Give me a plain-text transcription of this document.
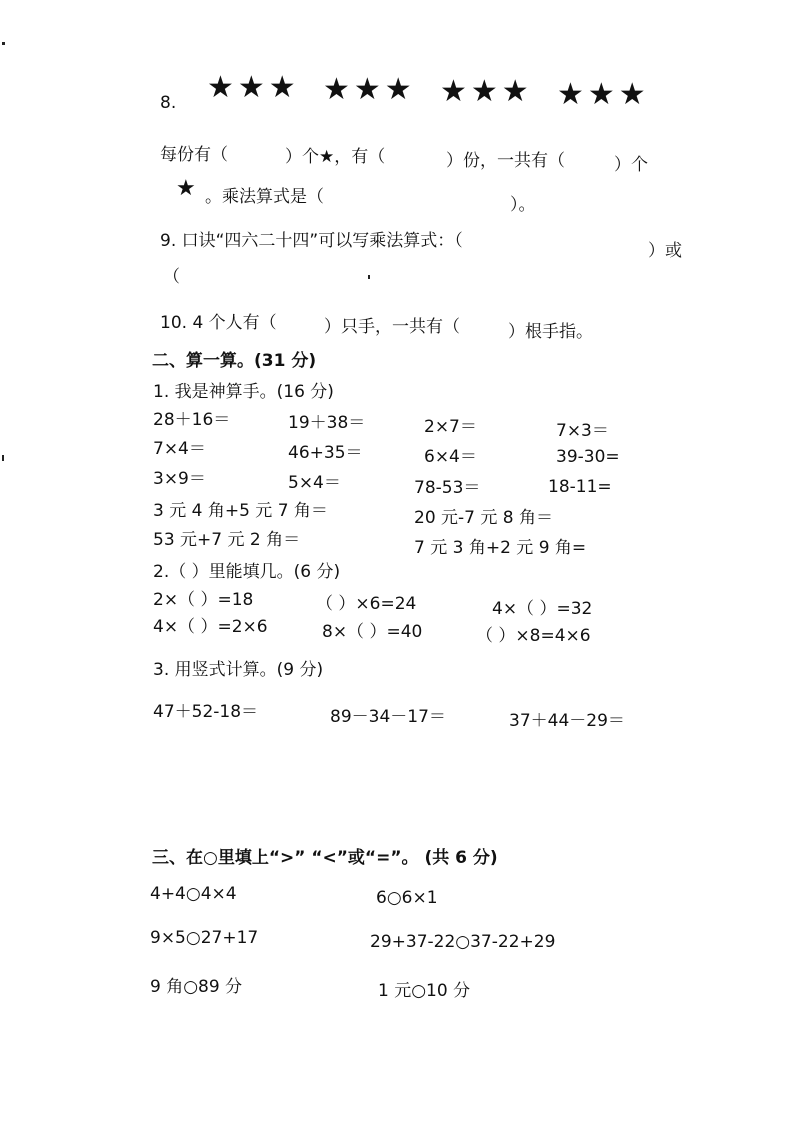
8. ★★★ ★★★ ★★★ ★★★
每份有（	）个★，有（	）份，一共有（	）个
★ 。乘法算式是（	）。
9. 口诀“四六二十四”可以写乘法算式：（	）或
（
10. 4 个人有（	）只手，一共有（	）根手指。
二、算一算。(31 分)
1. 我是神算手。(16 分)
28＋16＝	19＋38＝	2×7＝	7×3＝
7×4＝	46+35＝	6×4＝	39-30=
3×9＝	5×4＝	78-53＝	18-11=
3 元 4 角+5 元 7 角＝	20 元-7 元 8 角＝
53 元+7 元 2 角＝	7 元 3 角+2 元 9 角=
2.（ ）里能填几。(6 分)
2×（ ）=18	（ ）×6=24	4×（ ）=32
4×（ ）=2×6	8×（ ）=40	（ ）×8=4×6
3. 用竖式计算。(9 分)
47＋52-18＝	89－34－17＝	37＋44－29＝
三、在○里填上“>” “<”或“=”。 (共 6 分)
4+4○4×4	6○6×1
9×5○27+17	29+37-22○37-22+29
9 角○89 分	1 元○10 分
